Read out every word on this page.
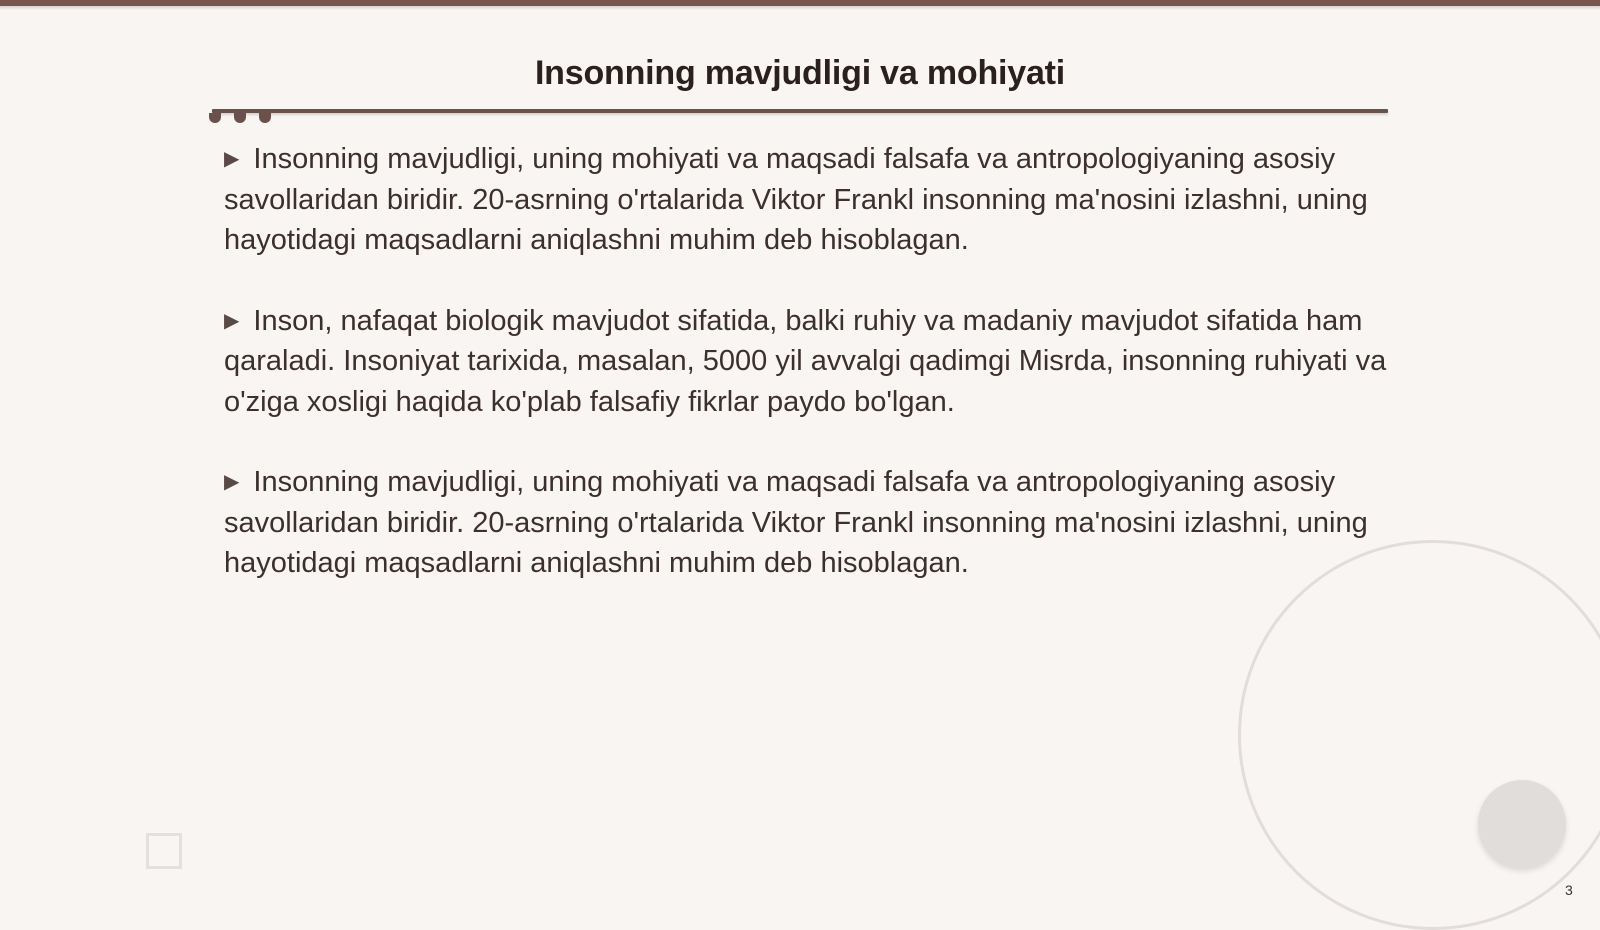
Insonning mavjudligi va mohiyati

▶ Insonning mavjudligi, uning mohiyati va maqsadi falsafa va antropologiyaning asosiy savollaridan biridir. 20-asrning o'rtalarida Viktor Frankl insonning ma'nosini izlashni, uning hayotidagi maqsadlarni aniqlashni muhim deb hisoblagan.

▶ Inson, nafaqat biologik mavjudot sifatida, balki ruhiy va madaniy mavjudot sifatida ham qaraladi. Insoniyat tarixida, masalan, 5000 yil avvalgi qadimgi Misrda, insonning ruhiyati va o'ziga xosligi haqida ko'plab falsafiy fikrlar paydo bo'lgan.

▶ Insonning mavjudligi, uning mohiyati va maqsadi falsafa va antropologiyaning asosiy savollaridan biridir. 20-asrning o'rtalarida Viktor Frankl insonning ma'nosini izlashni, uning hayotidagi maqsadlarni aniqlashni muhim deb hisoblagan.

3
